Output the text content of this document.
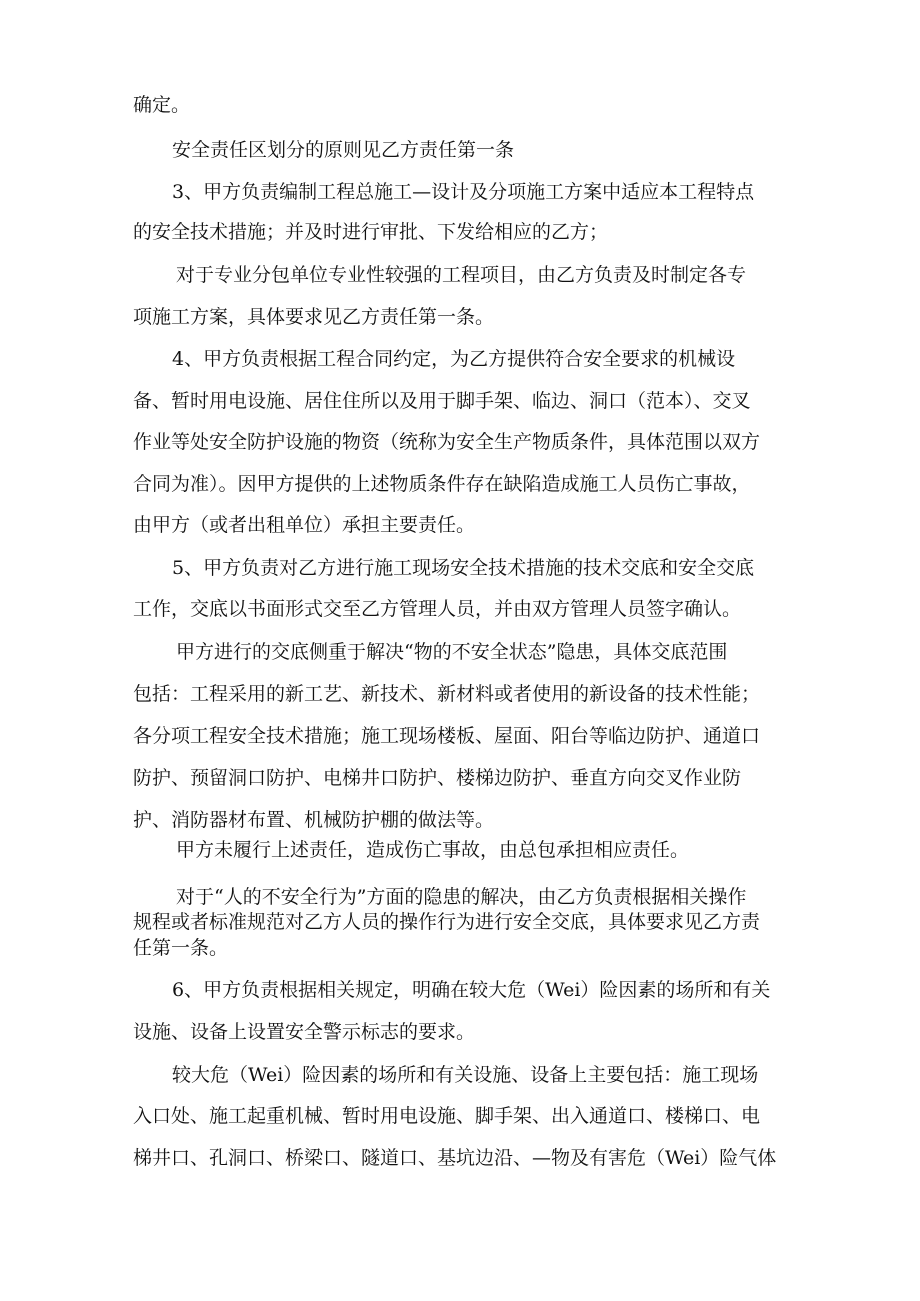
确定。
安全责任区划分的原则见乙方责任第一条
3、甲方负责编制工程总施工—设计及分项施工方案中适应本工程特点
的安全技术措施；并及时进行审批、下发给相应的乙方；
对于专业分包单位专业性较强的工程项目，由乙方负责及时制定各专
项施工方案，具体要求见乙方责任第一条。
4、甲方负责根据工程合同约定，为乙方提供符合安全要求的机械设
备、暂时用电设施、居住住所以及用于脚手架、临边、洞口（范本）、交叉
作业等处安全防护设施的物资（统称为安全生产物质条件，具体范围以双方
合同为准）。因甲方提供的上述物质条件存在缺陷造成施工人员伤亡事故，
由甲方（或者出租单位）承担主要责任。
5、甲方负责对乙方进行施工现场安全技术措施的技术交底和安全交底
工作，交底以书面形式交至乙方管理人员，并由双方管理人员签字确认。
甲方进行的交底侧重于解决“物的不安全状态”隐患，具体交底范围
包括：工程采用的新工艺、新技术、新材料或者使用的新设备的技术性能；
各分项工程安全技术措施；施工现场楼板、屋面、阳台等临边防护、通道口
防护、预留洞口防护、电梯井口防护、楼梯边防护、垂直方向交叉作业防
护、消防器材布置、机械防护棚的做法等。
甲方未履行上述责任，造成伤亡事故，由总包承担相应责任。
对于“人的不安全行为”方面的隐患的解决，由乙方负责根据相关操作
规程或者标准规范对乙方人员的操作行为进行安全交底，具体要求见乙方责
任第一条。
6、甲方负责根据相关规定，明确在较大危（Wei）险因素的场所和有关
设施、设备上设置安全警示标志的要求。
较大危（Wei）险因素的场所和有关设施、设备上主要包括：施工现场
入口处、施工起重机械、暂时用电设施、脚手架、出入通道口、楼梯口、电
梯井口、孔洞口、桥梁口、隧道口、基坑边沿、—物及有害危（Wei）险气体
